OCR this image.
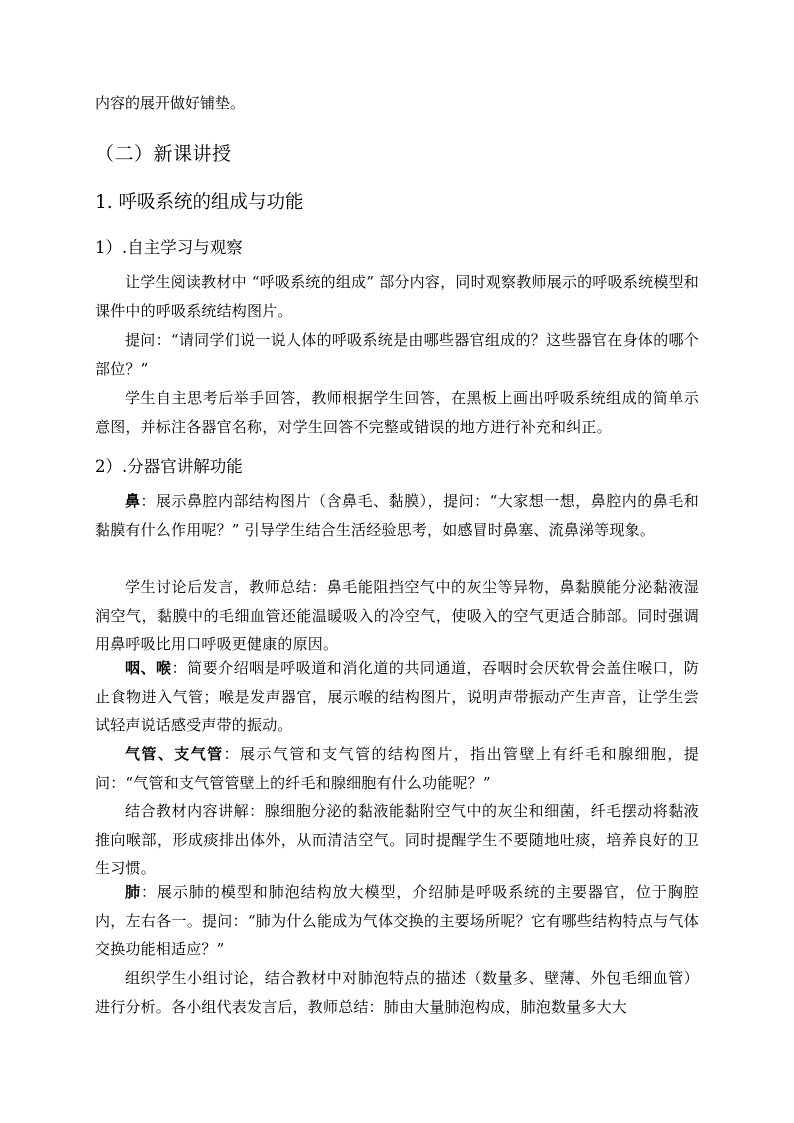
内容的展开做好铺垫。

（二）新课讲授
1. 呼吸系统的组成与功能
1）.自主学习与观察

让学生阅读教材中 “呼吸系统的组成” 部分内容，同时观察教师展示的呼吸系统模型和课件中的呼吸系统结构图片。

提问：“请同学们说一说人体的呼吸系统是由哪些器官组成的？这些器官在身体的哪个部位？”

学生自主思考后举手回答，教师根据学生回答，在黑板上画出呼吸系统组成的简单示意图，并标注各器官名称，对学生回答不完整或错误的地方进行补充和纠正。

2）.分器官讲解功能

鼻：展示鼻腔内部结构图片（含鼻毛、黏膜），提问：“大家想一想，鼻腔内的鼻毛和黏膜有什么作用呢？” 引导学生结合生活经验思考，如感冒时鼻塞、流鼻涕等现象。

学生讨论后发言，教师总结：鼻毛能阻挡空气中的灰尘等异物，鼻黏膜能分泌黏液湿润空气，黏膜中的毛细血管还能温暖吸入的冷空气，使吸入的空气更适合肺部。同时强调用鼻呼吸比用口呼吸更健康的原因。

咽、喉：简要介绍咽是呼吸道和消化道的共同通道，吞咽时会厌软骨会盖住喉口，防止食物进入气管；喉是发声器官，展示喉的结构图片，说明声带振动产生声音，让学生尝试轻声说话感受声带的振动。

气管、支气管：展示气管和支气管的结构图片，指出管壁上有纤毛和腺细胞，提问：“气管和支气管管壁上的纤毛和腺细胞有什么功能呢？”

结合教材内容讲解：腺细胞分泌的黏液能黏附空气中的灰尘和细菌，纤毛摆动将黏液推向喉部，形成痰排出体外，从而清洁空气。同时提醒学生不要随地吐痰，培养良好的卫生习惯。

肺：展示肺的模型和肺泡结构放大模型，介绍肺是呼吸系统的主要器官，位于胸腔内，左右各一。提问：“肺为什么能成为气体交换的主要场所呢？它有哪些结构特点与气体交换功能相适应？”

组织学生小组讨论，结合教材中对肺泡特点的描述（数量多、壁薄、外包毛细血管）进行分析。各小组代表发言后，教师总结：肺由大量肺泡构成，肺泡数量多大大
